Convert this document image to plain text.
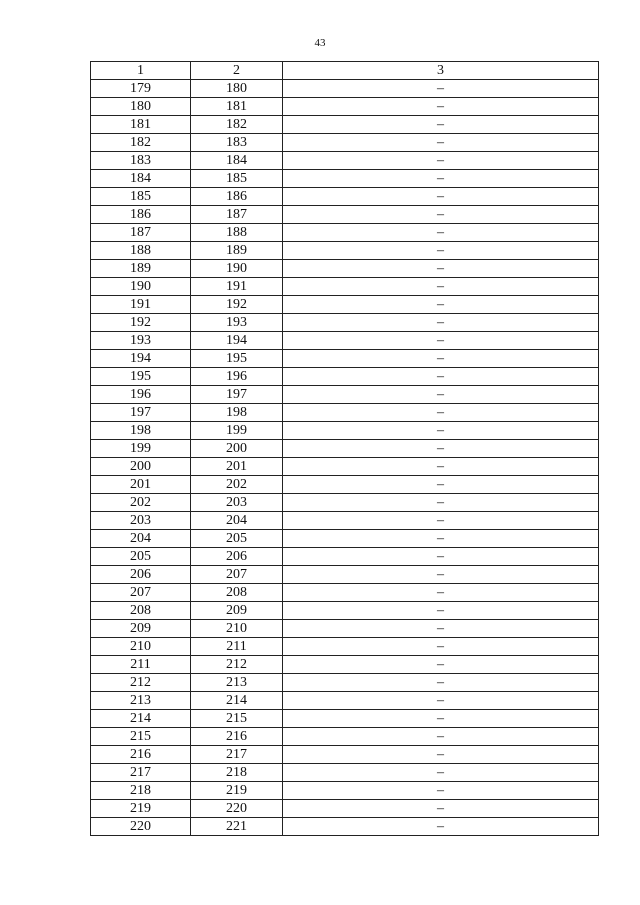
43
1	2	3
179	180	–
180	181	–
181	182	–
182	183	–
183	184	–
184	185	–
185	186	–
186	187	–
187	188	–
188	189	–
189	190	–
190	191	–
191	192	–
192	193	–
193	194	–
194	195	–
195	196	–
196	197	–
197	198	–
198	199	–
199	200	–
200	201	–
201	202	–
202	203	–
203	204	–
204	205	–
205	206	–
206	207	–
207	208	–
208	209	–
209	210	–
210	211	–
211	212	–
212	213	–
213	214	–
214	215	–
215	216	–
216	217	–
217	218	–
218	219	–
219	220	–
220	221	–
